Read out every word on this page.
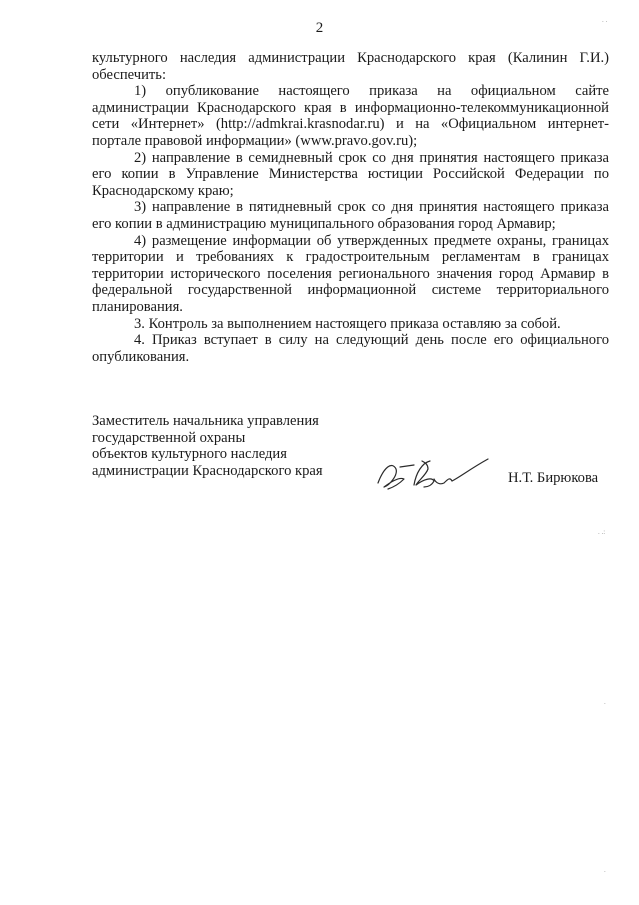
2

культурного наследия администрации Краснодарского края (Калинин Г.И.) обеспечить:

1) опубликование настоящего приказа на официальном сайте администрации Краснодарского края в информационно-телекоммуникационной сети «Интернет» (http://admkrai.krasnodar.ru) и на «Официальном интернет-портале правовой информации» (www.pravo.gov.ru);

2) направление в семидневный срок со дня принятия настоящего приказа его копии в Управление Министерства юстиции Российской Федерации по Краснодарскому краю;

3) направление в пятидневный срок со дня принятия настоящего приказа его копии в администрацию муниципального образования город Армавир;

4) размещение информации об утвержденных предмете охраны, границах территории и требованиях к градостроительным регламентам в границах территории исторического поселения регионального значения город Армавир в федеральной государственной информационной системе территориального планирования.

3. Контроль за выполнением настоящего приказа оставляю за собой.

4. Приказ вступает в силу на следующий день после его официального опубликования.

Заместитель начальника управления
государственной охраны
объектов культурного наследия
администрации Краснодарского края	Н.Т. Бирюкова
. .
. .:
.
.
